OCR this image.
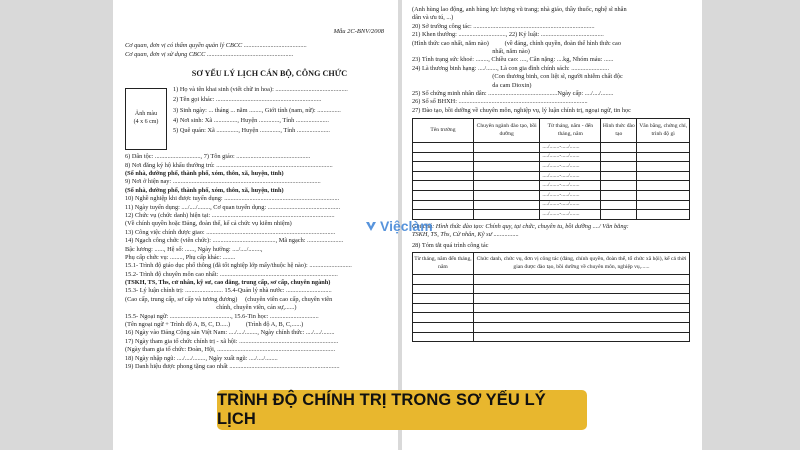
Mẫu 2C-BNV/2008
Cơ quan, đơn vị có thẩm quyền quản lý CBCC ........................................
Cơ quan, đơn vị sử dụng CBCC .......................................................
SƠ YẾU LÝ LỊCH CÁN BỘ, CÔNG CHỨC
Ảnh màu
(4 x 6 cm)
1) Họ và tên khai sinh (viết chữ in hoa): ..............................................
2) Tên gọi khác: ...................................................................
3) Sinh ngày: ... tháng ... năm ........, Giới tính (nam, nữ): ...............
4) Nơi sinh: Xã ..............., Huyện ............., Tỉnh .....................
5) Quê quán: Xã .............., Huyện ............., Tỉnh .....................
6) Dân tộc: ............................., 7) Tôn giáo: ...............................................
8) Nơi đăng ký hộ khẩu thường trú: ..........................................................................
(Số nhà, đường phố, thành phố, xóm, thôn, xã, huyện, tỉnh)
9) Nơi ở hiện nay: ..............................................................................................
(Số nhà, đường phố, thành phố, xóm, thôn, xã, huyện, tỉnh)
10) Nghề nghiệp khi được tuyển dụng: .........................................................................
11) Ngày tuyển dụng: ..../..../........, Cơ quan tuyển dụng: ..............................................
12) Chức vụ (chức danh) hiện tại: ..............................................................................
(Về chính quyền hoặc Đảng, đoàn thể, kể cả chức vụ kiêm nhiệm)
13) Công việc chính được giao: ..................................................................................
14) Ngạch công chức (viên chức): ........................................, Mã ngạch: .......................
Bậc lương: ......, Hệ số: ......, Ngày hưởng: ..../..../........,
Phụ cấp chức vụ: ........, Phụ cấp khác: ........
15.1- Trình độ giáo dục phổ thông (đã tốt nghiệp lớp mấy/thuộc hệ nào): ...........................
15.2- Trình độ chuyên môn cao nhất: ...........................................................................
(TSKH, TS, Ths, cử nhân, kỹ sư, cao đẳng, trung cấp, sơ cấp, chuyên ngành)
15.3- Lý luận chính trị: ........................ 15.4-Quản lý nhà nước: .............................
(Cao cấp, trung cấp, sơ cấp và tương đương)     (chuyên viên cao cấp, chuyên viên
chính, chuyên viên, cán sự,......)
15.5- Ngoại ngữ: ......................................., 15.6-Tin học: ...............................
(Tên ngoại ngữ + Trình độ A, B, C, D.....)          (Trình độ A, B, C,......)
16) Ngày vào Đảng Cộng sản Việt Nam: ..../..../........, Ngày chính thức: ..../..../........
17) Ngày tham gia tổ chức chính trị - xã hội: ...............................................................
(Ngày tham gia tổ chức: Đoàn, Hội, ...........................................................................
18) Ngày nhập ngũ: ..../..../........, Ngày xuất ngũ: ..../..../........
19) Danh hiệu được phong tặng cao nhất ......................................................................
(Anh hùng lao động, anh hùng lực lượng vũ trang; nhà giáo, thầy thuốc, nghệ sĩ nhân
dân và ưu tú, ...)
20) Sở trường công tác: .............................................................................
21) Khen thưởng: .............................., 22) Kỷ luật: ........................................
(Hình thức cao nhất, năm nào)          (về đảng, chính quyền, đoàn thể hình thức cao
nhất, năm nào)
23) Tình trạng sức khoẻ: ........, Chiều cao: ...., Cân nặng: ....kg, Nhóm máu: ......
24) Là thương binh hạng: ..../......., Là con gia đình chính sách: ........................
(Con thương binh, con liệt sĩ, người nhiễm chất độc
da cam Dioxin)
25) Số chứng minh nhân dân: ............................................Ngày cấp: ..../..../........
26) Số sổ BHXH: ..................................................................................
27) Đào tạo, bồi dưỡng về chuyên môn, nghiệp vụ, lý luận chính trị, ngoại ngữ, tin học
Tên trường	Chuyên ngành đào tạo, bồi dưỡng	Từ tháng, năm - đến tháng, năm	Hình thức đào tạo	Văn bằng, chứng chỉ, trình độ gì
		..../.......-...../.......		
		..../.......-...../.......		
		..../.......-...../.......		
		..../.......-...../.......		
		..../.......-...../.......		
		..../.......-...../.......		
		..../.......-...../.......		
		..../.......-...../.......		
Ghi chú: Hình thức đào tạo: Chính quy, tại chức, chuyên tu, bồi dưỡng ..../ Văn bằng:
TSKH, TS, Ths, Cử nhân, Kỹ sư ................
28) Tóm tắt quá trình công tác
Từ tháng, năm đến tháng, năm	Chức danh, chức vụ, đơn vị công tác (đảng, chính quyền, đoàn thể, tổ chức xã hội), kể cả thời gian được đào tạo, bồi dưỡng về chuyên môn, nghiệp vụ,......

Việclàm
TRÌNH ĐỘ CHÍNH TRỊ TRONG SƠ YẾU LÝ LỊCH
